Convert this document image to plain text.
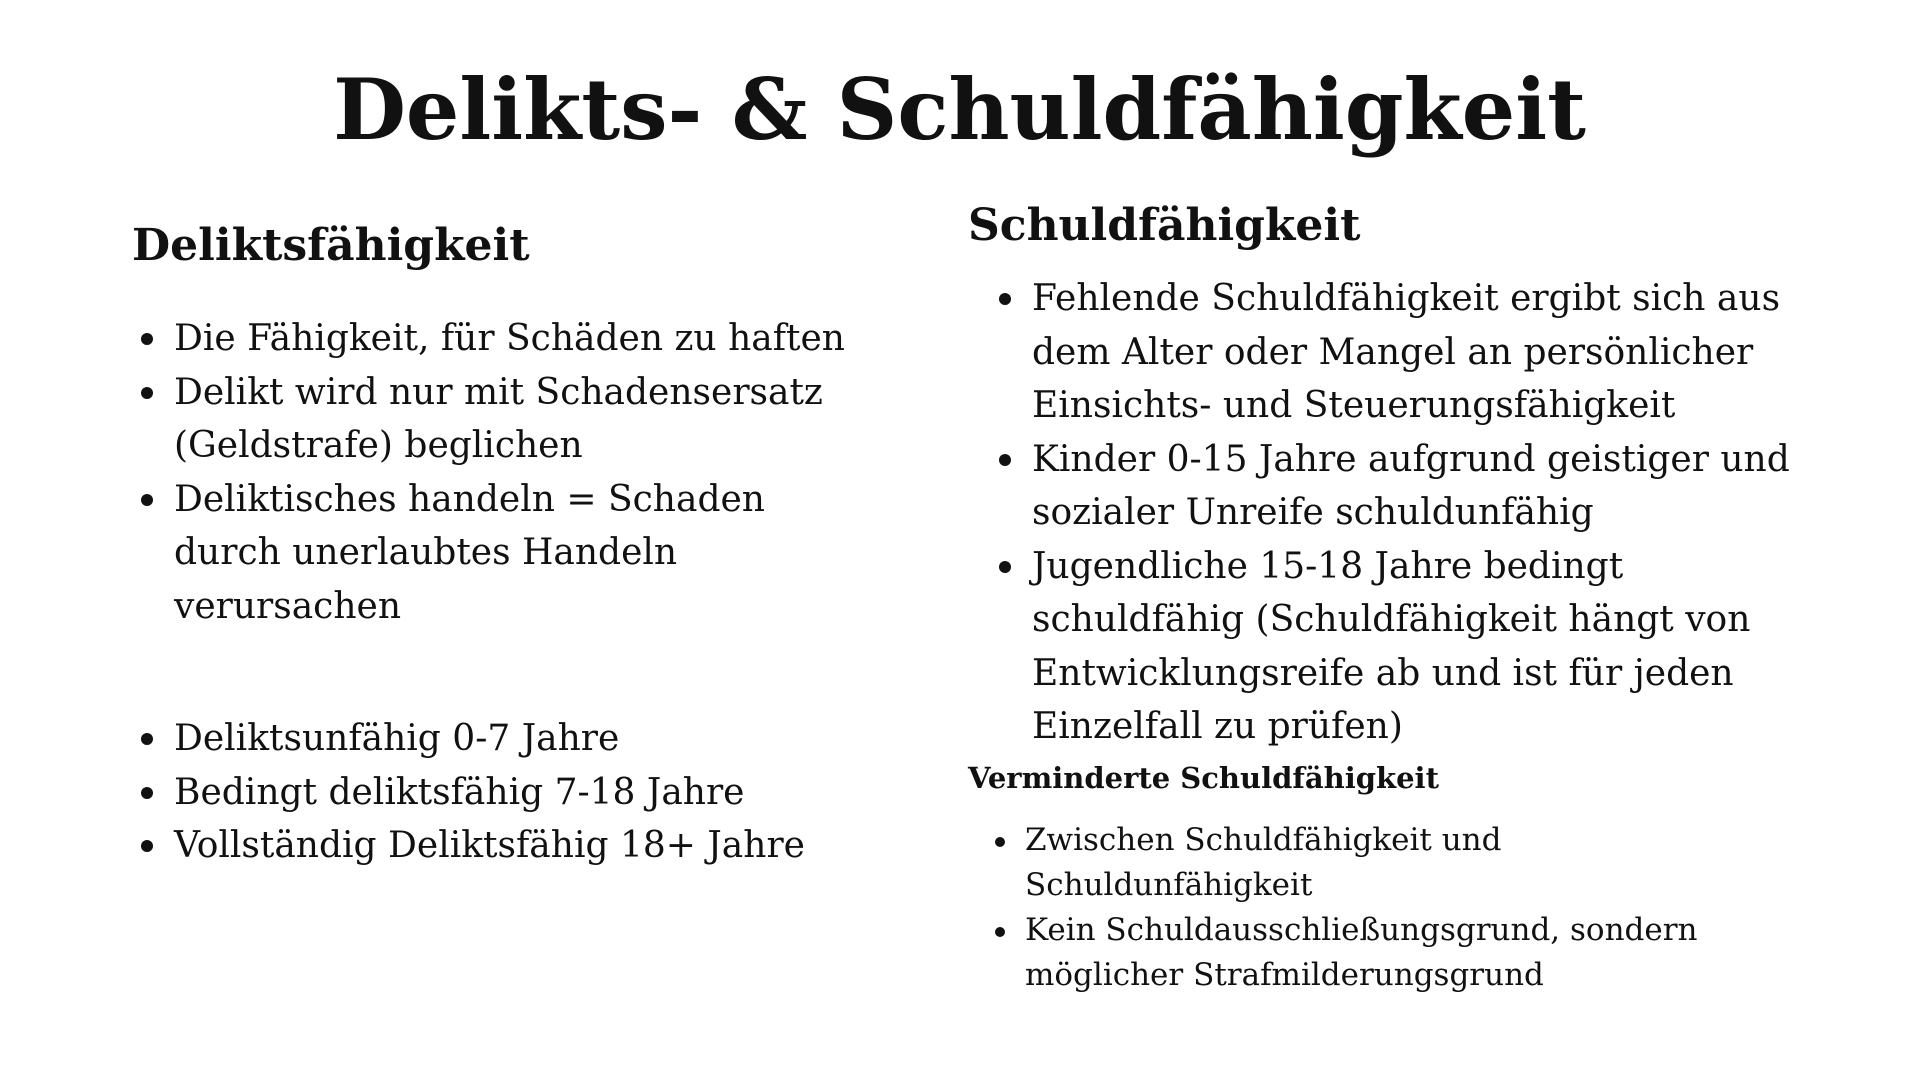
Delikts- & Schuldfähigkeit
Deliktsfähigkeit
Die Fähigkeit, für Schäden zu haften
Delikt wird nur mit Schadensersatz (Geldstrafe) beglichen
Deliktisches handeln = Schaden durch unerlaubtes Handeln verursachen
Deliktsunfähig 0-7 Jahre
Bedingt deliktsfähig 7-18 Jahre
Vollständig Deliktsfähig 18+ Jahre
Schuldfähigkeit
Fehlende Schuldfähigkeit ergibt sich aus dem Alter oder Mangel an persönlicher Einsichts- und Steuerungsfähigkeit
Kinder 0-15 Jahre aufgrund geistiger und sozialer Unreife schuldunfähig
Jugendliche 15-18 Jahre bedingt schuldfähig (Schuldfähigkeit hängt von Entwicklungsreife ab und ist für jeden Einzelfall zu prüfen)
Verminderte Schuldfähigkeit
Zwischen Schuldfähigkeit und Schuldunfähigkeit
Kein Schuldausschließungsgrund, sondern möglicher Strafmilderungsgrund
